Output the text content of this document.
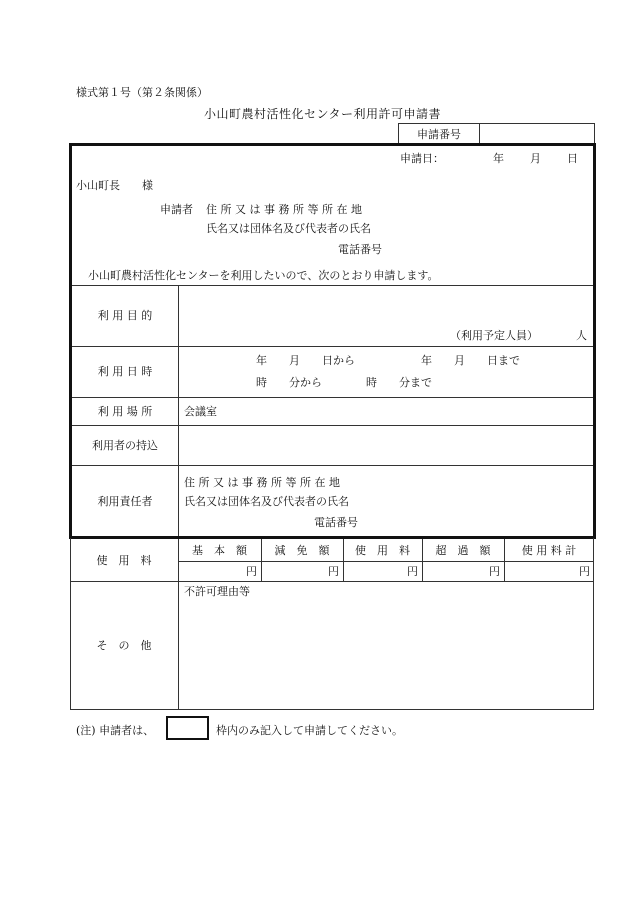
様式第１号（第２条関係）
小山町農村活性化センター利用許可申請書
申請番号
申請日：	年 月 日
小山町長　　様
申請者 住 所 又 は 事 務 所 等 所 在 地
氏名又は団体名及び代表者の氏名
電話番号
小山町農村活性化センターを利用したいので、次のとおり申請します。
利 用 目 的
（利用予定人員）	人
利 用 日 時
年　　月　　日から　　　　　　年　　月　　日まで
時　　分から　　　　時　　分まで
利 用 場 所	会議室
利用者の持込
利用責任者
住 所 又 は 事 務 所 等 所 在 地
氏名又は団体名及び代表者の氏名
電話番号
使　用　料
基　本　額	減　免　額	使　用　料	超　過　額	使 用 料 計
円	円	円	円	円
そ　の　他
不許可理由等
(注) 申請者は、	枠内のみ記入して申請してください。
